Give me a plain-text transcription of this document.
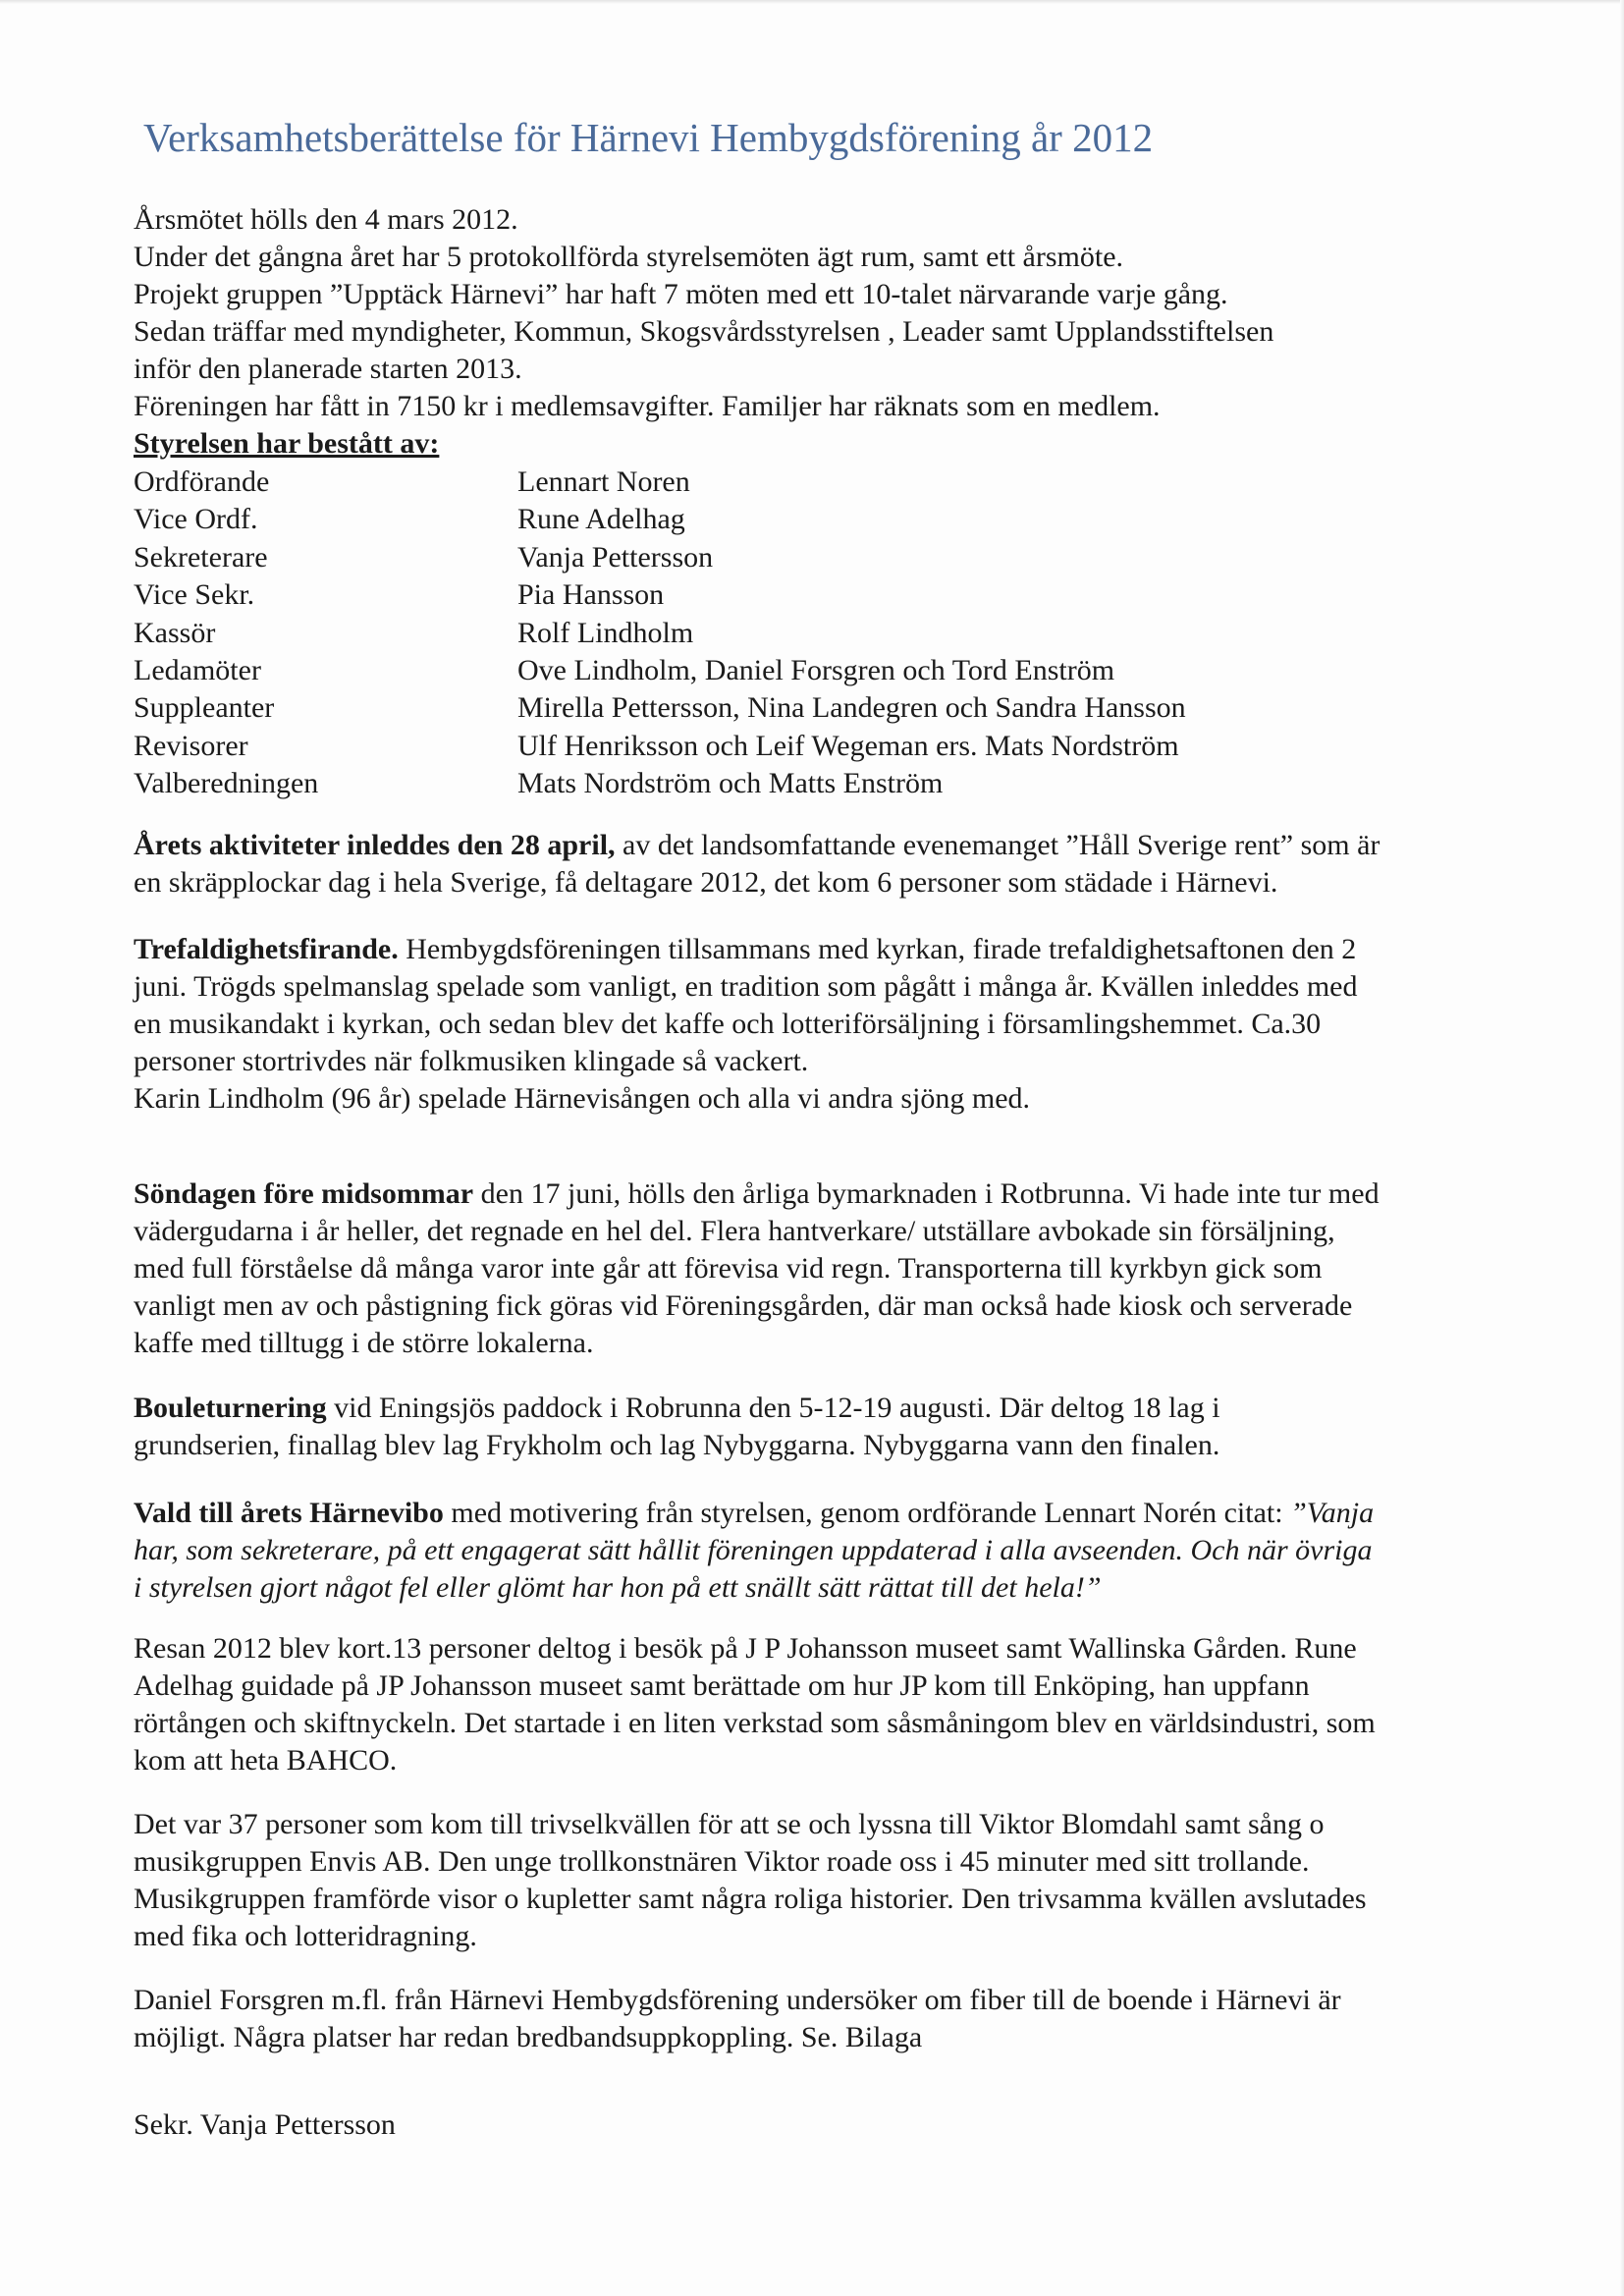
Verksamhetsberättelse för Härnevi Hembygdsförening år 2012
Årsmötet hölls den 4 mars 2012.
Under det gångna året har 5 protokollförda styrelsemöten ägt rum, samt ett årsmöte.
Projekt gruppen ”Upptäck Härnevi” har haft 7 möten med ett 10-talet närvarande varje gång.
Sedan träffar med myndigheter, Kommun, Skogsvårdsstyrelsen , Leader samt Upplandsstiftelsen
inför den planerade starten 2013.
Föreningen har fått in 7150 kr i medlemsavgifter. Familjer har räknats som en medlem.
Styrelsen har bestått av:
Ordförande	Lennart Noren
Vice Ordf.	Rune Adelhag
Sekreterare	Vanja Pettersson
Vice Sekr.	Pia Hansson
Kassör	Rolf Lindholm
Ledamöter	Ove Lindholm, Daniel Forsgren och Tord Enström
Suppleanter	Mirella Pettersson, Nina Landegren och Sandra Hansson
Revisorer	Ulf Henriksson och Leif Wegeman ers. Mats Nordström
Valberedningen	Mats Nordström och Matts Enström
Årets aktiviteter inleddes den 28 april, av det landsomfattande evenemanget ”Håll Sverige rent” som är
en skräpplockar dag i hela Sverige, få deltagare 2012, det kom 6 personer som städade i Härnevi.
Trefaldighetsfirande. Hembygdsföreningen tillsammans med kyrkan, firade trefaldighetsaftonen den 2
juni. Trögds spelmanslag spelade som vanligt, en tradition som pågått i många år. Kvällen inleddes med
en musikandakt i kyrkan, och sedan blev det kaffe och lotteriförsäljning i församlingshemmet. Ca.30
personer stortrivdes när folkmusiken klingade så vackert.
Karin Lindholm (96 år) spelade Härnevisången och alla vi andra sjöng med.
Söndagen före midsommar den 17 juni, hölls den årliga bymarknaden i Rotbrunna. Vi hade inte tur med
vädergudarna i år heller, det regnade en hel del. Flera hantverkare/ utställare avbokade sin försäljning,
med full förståelse då många varor inte går att förevisa vid regn. Transporterna till kyrkbyn gick som
vanligt men av och påstigning fick göras vid Föreningsgården, där man också hade kiosk och serverade
kaffe med tilltugg i de större lokalerna.
Bouleturnering vid Eningsjös paddock i Robrunna den 5-12-19 augusti. Där deltog 18 lag i
grundserien, finallag blev lag Frykholm och lag Nybyggarna. Nybyggarna vann den finalen.
Vald till årets Härnevibo med motivering från styrelsen, genom ordförande Lennart Norén citat: ”Vanja
har, som sekreterare, på ett engagerat sätt hållit föreningen uppdaterad i alla avseenden. Och när övriga
i styrelsen gjort något fel eller glömt har hon på ett snällt sätt rättat till det hela!”
Resan 2012 blev kort.13 personer deltog i besök på J P Johansson museet samt Wallinska Gården. Rune
Adelhag guidade på JP Johansson museet samt berättade om hur JP kom till Enköping, han uppfann
rörtången och skiftnyckeln. Det startade i en liten verkstad som såsmåningom blev en världsindustri, som
kom att heta BAHCO.
Det var 37 personer som kom till trivselkvällen för att se och lyssna till Viktor Blomdahl samt sång o
musikgruppen Envis AB. Den unge trollkonstnären Viktor roade oss i 45 minuter med sitt trollande.
Musikgruppen framförde visor o kupletter samt några roliga historier. Den trivsamma kvällen avslutades
med fika och lotteridragning.
Daniel Forsgren m.fl. från Härnevi Hembygdsförening undersöker om fiber till de boende i Härnevi är
möjligt. Några platser har redan bredbandsuppkoppling. Se. Bilaga
Sekr. Vanja Pettersson
